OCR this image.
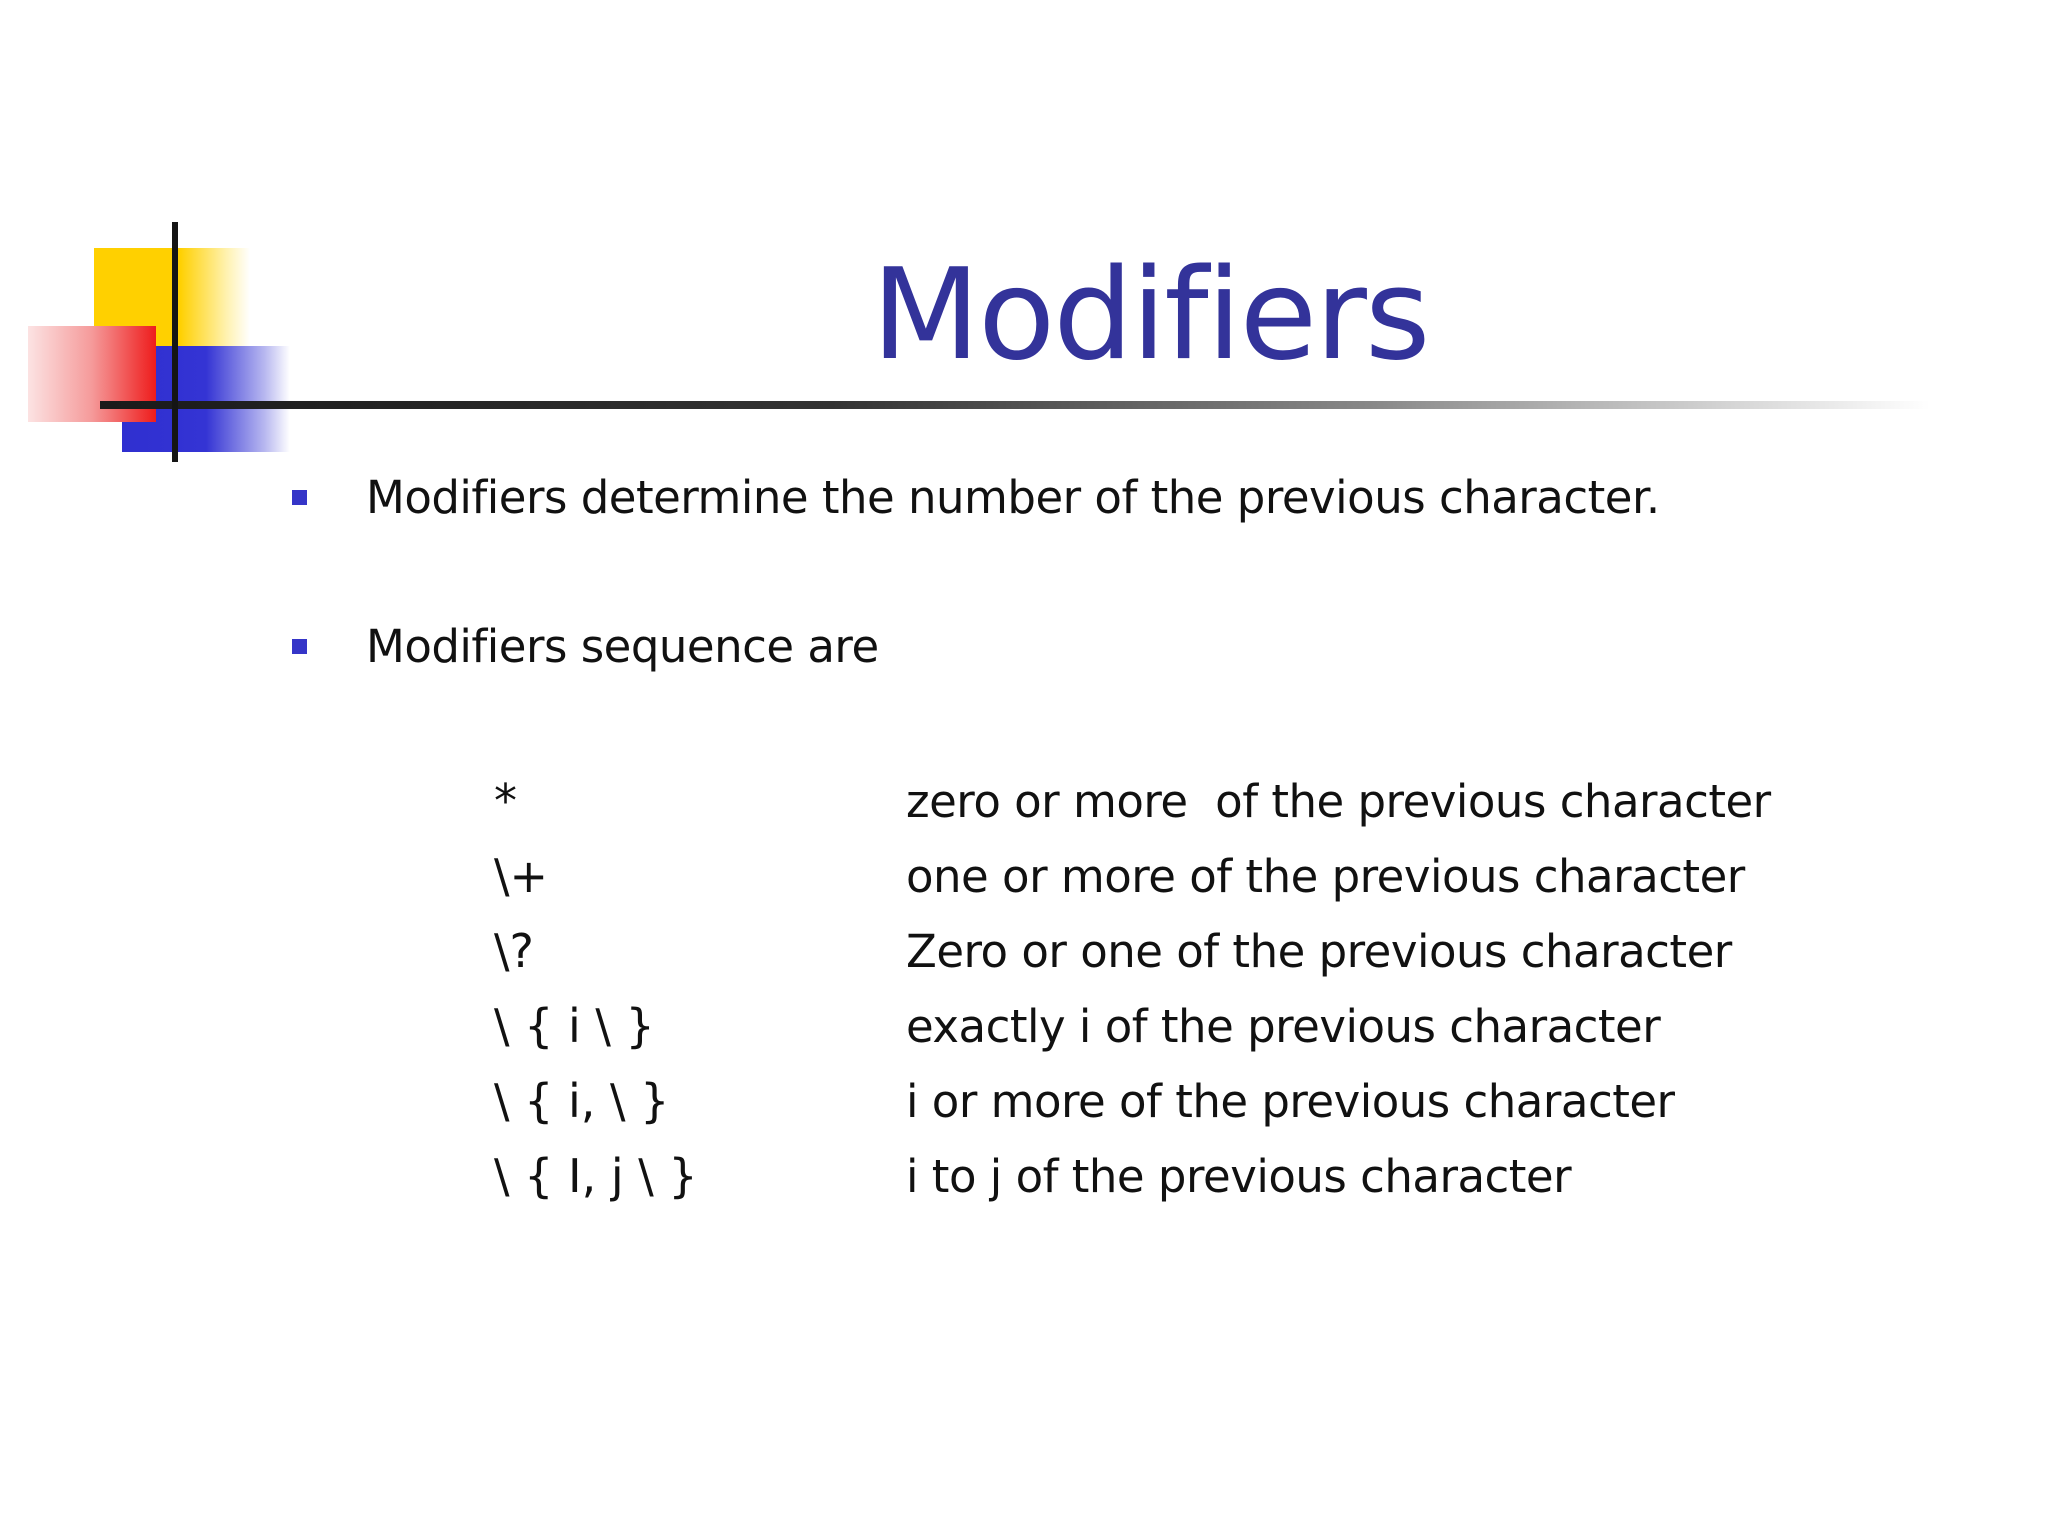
Modifiers
Modifiers determine the number of the previous character.
Modifiers sequence are
*	zero or more  of the previous character
\+	one or more of the previous character
\?	Zero or one of the previous character
\ { i \ }	exactly i of the previous character
\ { i, \ }	i or more of the previous character
\ { I, j \ }	i to j of the previous character
